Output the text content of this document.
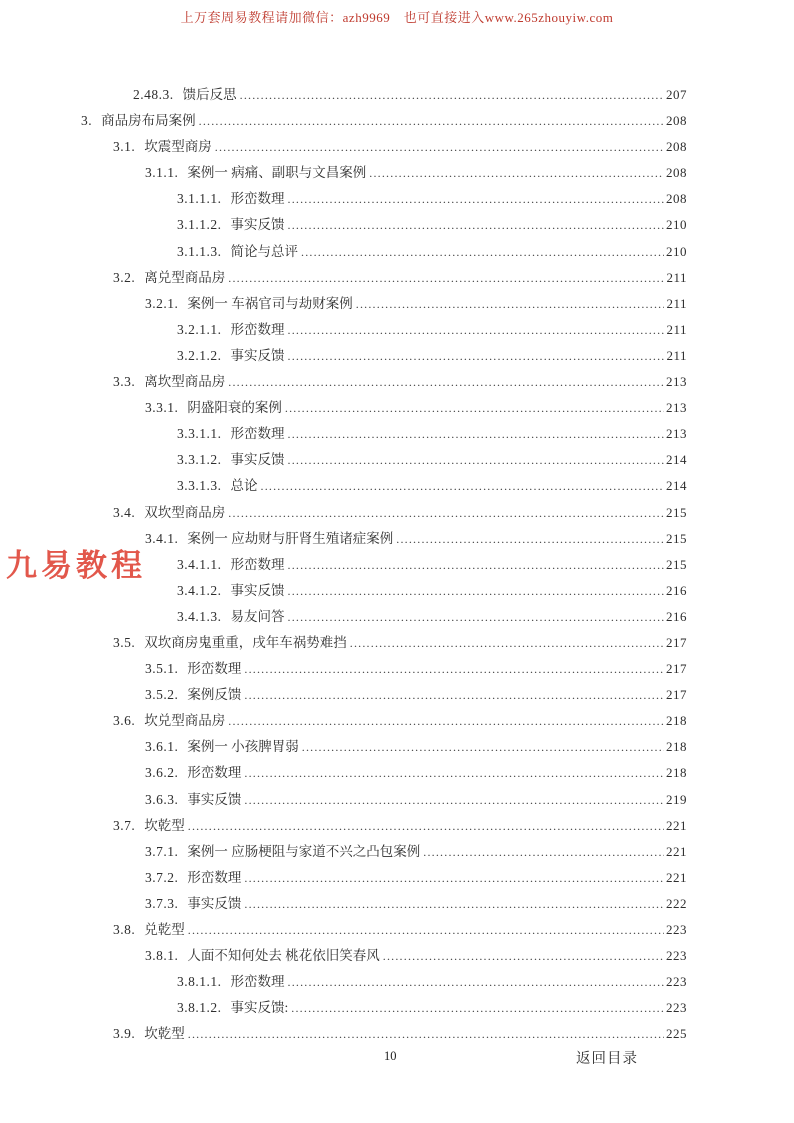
上万套周易教程请加微信：azh9969　也可直接进入www.265zhouyiw.com
2.48.3. 馈后反思 .....	207
3. 商品房布局案例 .....	208
3.1. 坎震型商房 .....	208
3.1.1. 案例一 病痛、副职与文昌案例 .....	208
3.1.1.1. 形峦数理 .....	208
3.1.1.2. 事实反馈 .....	210
3.1.1.3. 简论与总评 .....	210
3.2. 离兑型商品房 .....	211
3.2.1. 案例一 车祸官司与劫财案例 .....	211
3.2.1.1. 形峦数理 .....	211
3.2.1.2. 事实反馈 .....	211
3.3. 离坎型商品房 .....	213
3.3.1. 阴盛阳衰的案例 .....	213
3.3.1.1. 形峦数理 .....	213
3.3.1.2. 事实反馈 .....	214
3.3.1.3. 总论 .....	214
3.4. 双坎型商品房 .....	215
3.4.1. 案例一 应劫财与肝肾生殖诸症案例 .....	215
3.4.1.1. 形峦数理 .....	215
3.4.1.2. 事实反馈 .....	216
3.4.1.3. 易友问答 .....	216
3.5. 双坎商房鬼重重，戌年车祸势难挡 .....	217
3.5.1. 形峦数理 .....	217
3.5.2. 案例反馈 .....	217
3.6. 坎兑型商品房 .....	218
3.6.1. 案例一 小孩脾胃弱 .....	218
3.6.2. 形峦数理 .....	218
3.6.3. 事实反馈 .....	219
3.7. 坎乾型 .....	221
3.7.1. 案例一 应肠梗阻与家道不兴之凸包案例 .....	221
3.7.2. 形峦数理 .....	221
3.7.3. 事实反馈 .....	222
3.8. 兑乾型 .....	223
3.8.1. 人面不知何处去 桃花依旧笑春风 .....	223
3.8.1.1. 形峦数理 .....	223
3.8.1.2. 事实反馈: .....	223
3.9. 坎乾型 .....	225
九易教程
10	返回目录
